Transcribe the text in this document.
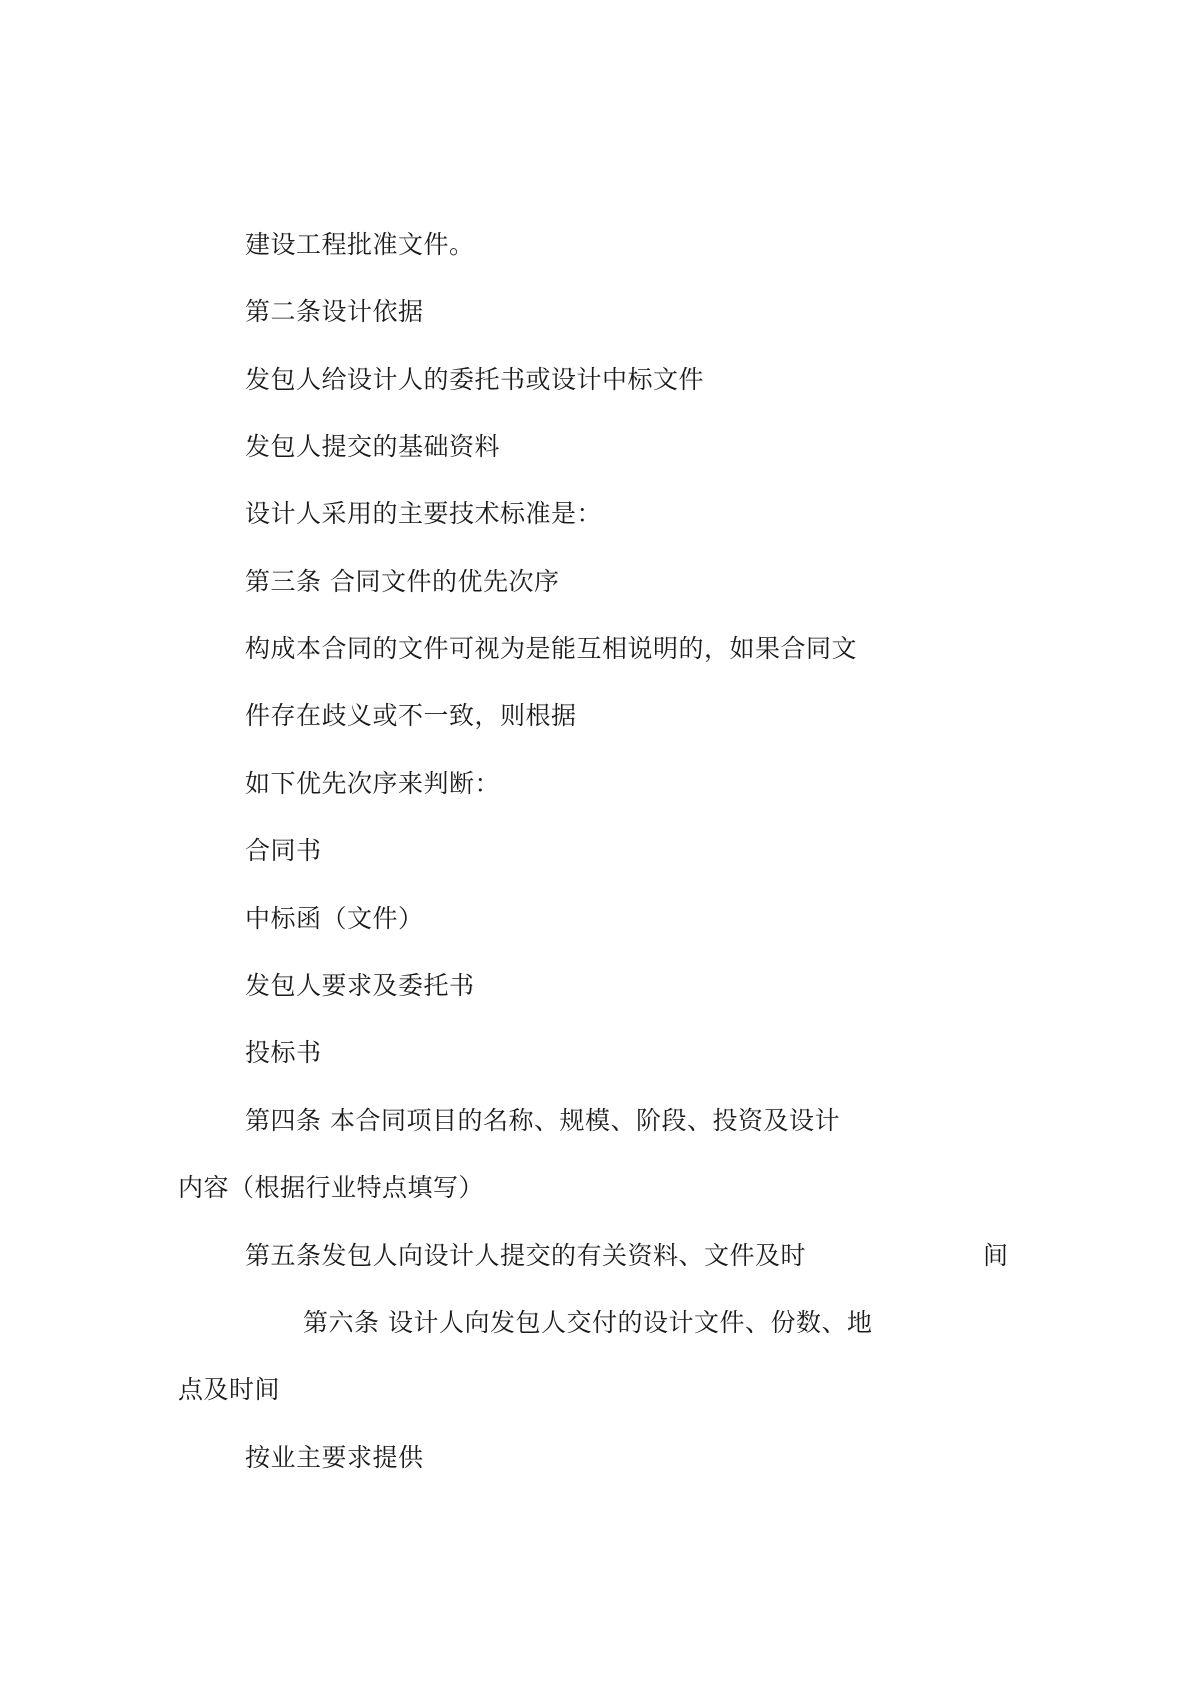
建设工程批准文件。
第二条设计依据
发包人给设计人的委托书或设计中标文件
发包人提交的基础资料
设计人采用的主要技术标准是：
第三条 合同文件的优先次序
构成本合同的文件可视为是能互相说明的，如果合同文
件存在歧义或不一致，则根据
如下优先次序来判断：
合同书
中标函（文件）
发包人要求及委托书
投标书
第四条 本合同项目的名称、规模、阶段、投资及设计
内容（根据行业特点填写）
第五条发包人向设计人提交的有关资料、文件及时	间
第六条 设计人向发包人交付的设计文件、份数、地
点及时间
按业主要求提供
